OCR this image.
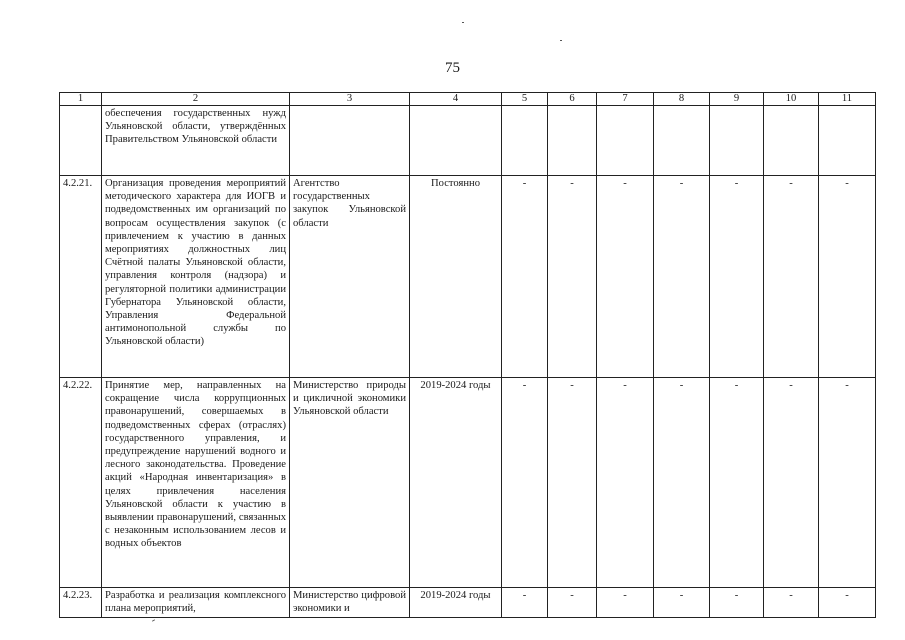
75
1	2	3	4	5	6	7	8	9	10	11
	обеспечения государственных нужд Ульяновской области, утверждённых Правительством Ульяновской области									
4.2.21.	Организация проведения мероприятий методического характера для ИОГВ и подведомственных им организаций по вопросам осуществления закупок (с привлечением к участию в данных мероприятиях должностных лиц Счётной палаты Ульяновской области, управления контроля (надзора) и регуляторной политики администрации Губернатора Ульяновской области, Управления Федеральной антимонопольной службы по Ульяновской области)	Агентство государственных закупок Ульяновской области	Постоянно	-	-	-	-	-	-	-
4.2.22.	Принятие мер, направленных на сокращение числа коррупционных правонарушений, совершаемых в подведомственных сферах (отраслях) государственного управления, и предупреждение нарушений водного и лесного законодательства. Проведение акций «Народная инвентаризация» в целях привлечения населения Ульяновской области к участию в выявлении правонарушений, связанных с незаконным использованием лесов и водных объектов	Министерство природы и цикличной экономики Ульяновской области	2019-2024 годы	-	-	-	-	-	-	-
4.2.23.	Разработка и реализация комплексного плана мероприятий,	Министерство цифровой экономики и	2019-2024 годы	-	-	-	-	-	-	-
